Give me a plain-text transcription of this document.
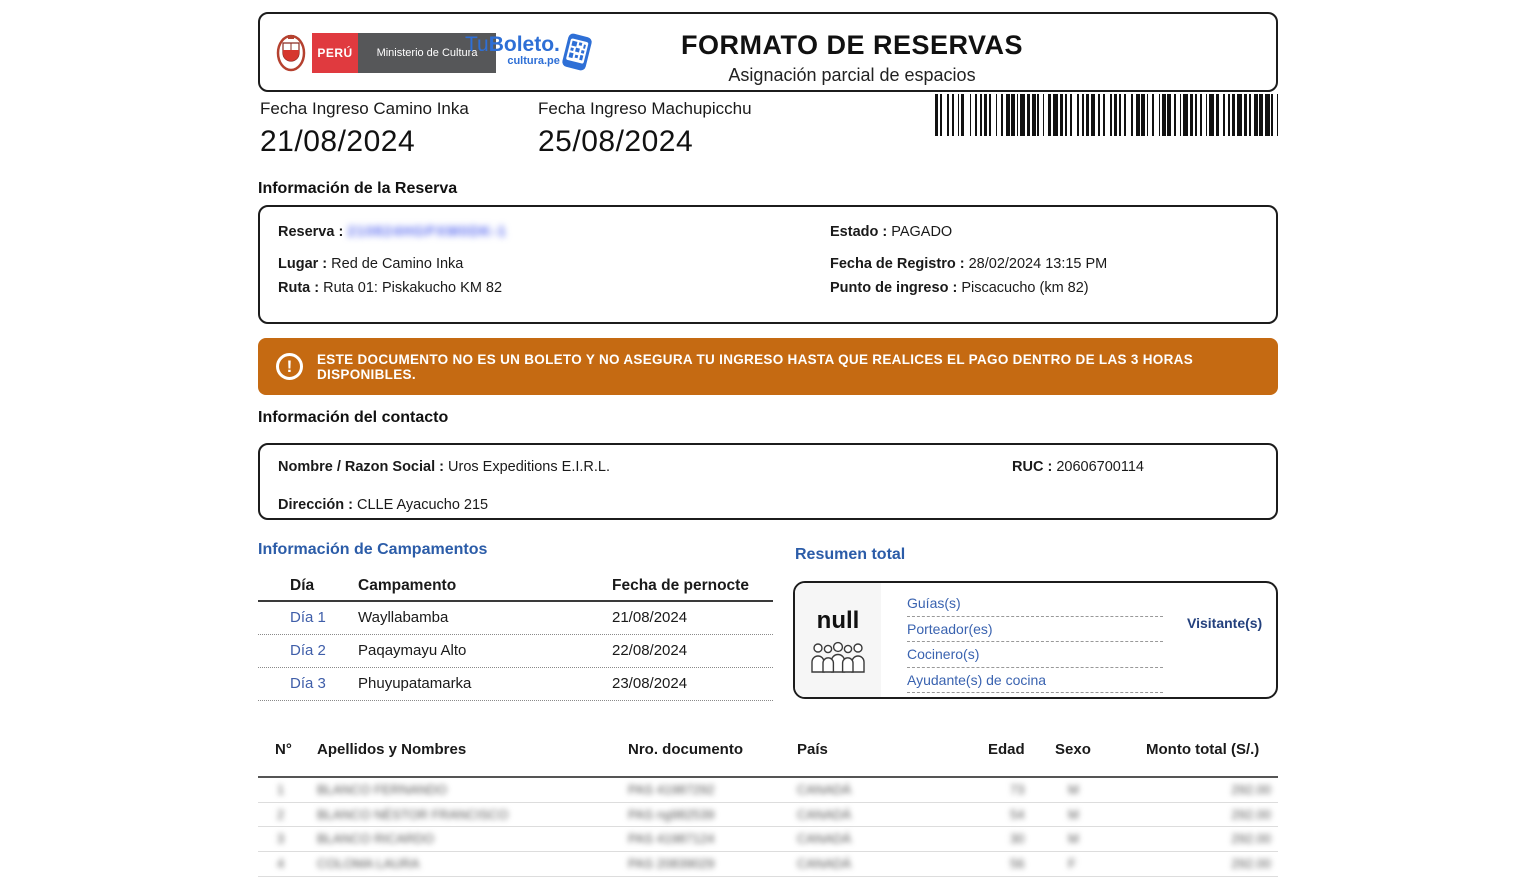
PERÚ Ministerio de Cultura
TuBoleto.
cultura.pe
FORMATO DE RESERVAS
Asignación parcial de espacios
Fecha Ingreso Camino Inka
21/08/2024
Fecha Ingreso Machupicchu
25/08/2024
Información de la Reserva
Reserva : 210824HGPXM0DK-1
Lugar : Red de Camino Inka
Ruta : Ruta 01: Piskakucho KM 82
Estado : PAGADO
Fecha de Registro : 28/02/2024 13:15 PM
Punto de ingreso : Piscacucho (km 82)
!	ESTE DOCUMENTO NO ES UN BOLETO Y NO ASEGURA TU INGRESO HASTA QUE REALICES EL PAGO DENTRO DE LAS 3 HORAS DISPONIBLES.
Información del contacto
Nombre / Razon Social : Uros Expeditions E.I.R.L.	RUC : 20606700114
Dirección : CLLE Ayacucho 215
Información de Campamentos
Día	Campamento	Fecha de pernocte
Día 1 Wayllabamba	21/08/2024
Día 2 Paqaymayu Alto	22/08/2024
Día 3 Phuyupatamarka	23/08/2024
Resumen total
null
Guías(s)
Porteador(es)
Cocinero(s)
Ayudante(s) de cocina
Visitante(s)
N° Apellidos y Nombres	Nro. documento	País	Edad Sexo	Monto total (S/.)
1	BLANCO FERNANDO	PAS 41987292	CANADÁ	73	M	292.00
2	BLANCO NÉSTOR FRANCISCO	PAS ng982539	CANADÁ	54	M	292.00
3	BLANCO RICARDO	PAS 41987124	CANADÁ	30	M	292.00
4	COLOMA LAURA	PAS 20839029	CANADÁ	56	F	292.00
